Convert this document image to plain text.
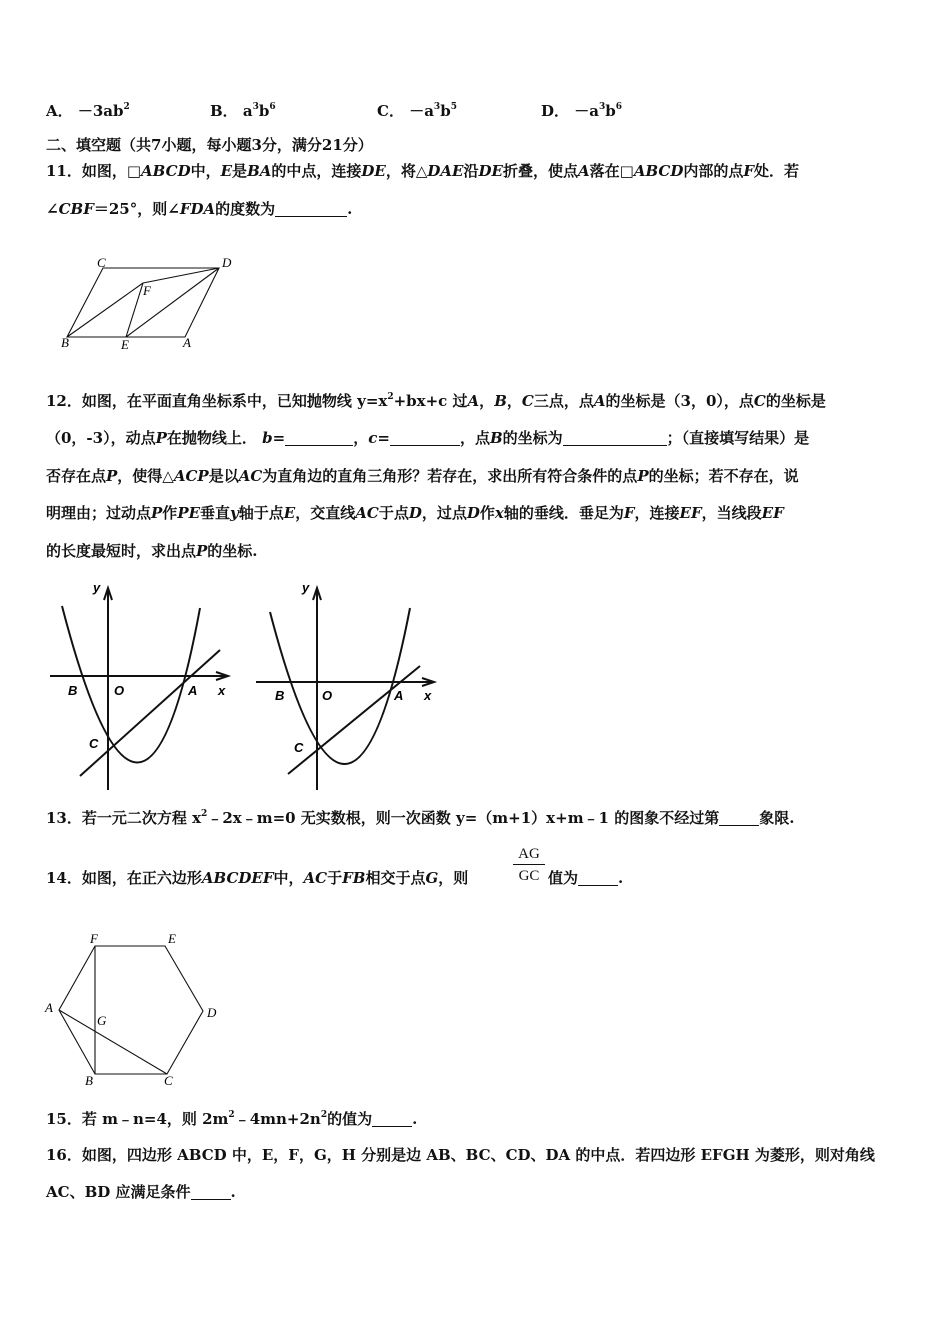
A． $-3ab^2$	B． $a^3b^6$	C． $-a^3b^5$	D． $-a^3b^6$
二、填空题（共7小题，每小题3分，满分21分）
11．如图，□ABCD中，E是BA的中点，连接DE，将△DAE沿DE折叠，使点A落在□ABCD内部的点F处．若
∠CBF＝25°，则∠FDA的度数为	.
C	D
F
B	E	A
12．如图，在平面直角坐标系中，已知抛物线 $y=x^2+bx+c$ 过A，B，C三点，点A的坐标是（3，0），点C的坐标是
（0，-3），动点P在抛物线上． b=	，c=	，点B的坐标为	；（直接填写结果）是
否存在点P，使得△ACP是以AC为直角边的直角三角形？若存在，求出所有符合条件的点P的坐标；若不存在，说
明理由；过动点P作PE垂直y轴于点E，交直线AC于点D，过点D作x轴的垂线．垂足为F，连接EF，当线段EF
的长度最短时，求出点P的坐标.
y
x
B	O	A
C
y
x
B	O	A
C
13．若一元二次方程 $x^2﹣2x﹣m=0$ 无实数根，则一次函数 y=（m+1）x+m﹣1 的图象不经过第	象限.
14．如图，在正六边形ABCDEF中，AC于FB相交于点G，则	$\frac{AG}{GC}$ 值为	.
F	E
A	D
G
B	C
15．若 m﹣n=4，则 $2m^2﹣4mn+2n^2$的值为	.
16．如图，四边形 ABCD 中，E，F，G，H 分别是边 AB、BC、CD、DA 的中点．若四边形 EFGH 为菱形，则对角线
AC、BD 应满足条件	.
